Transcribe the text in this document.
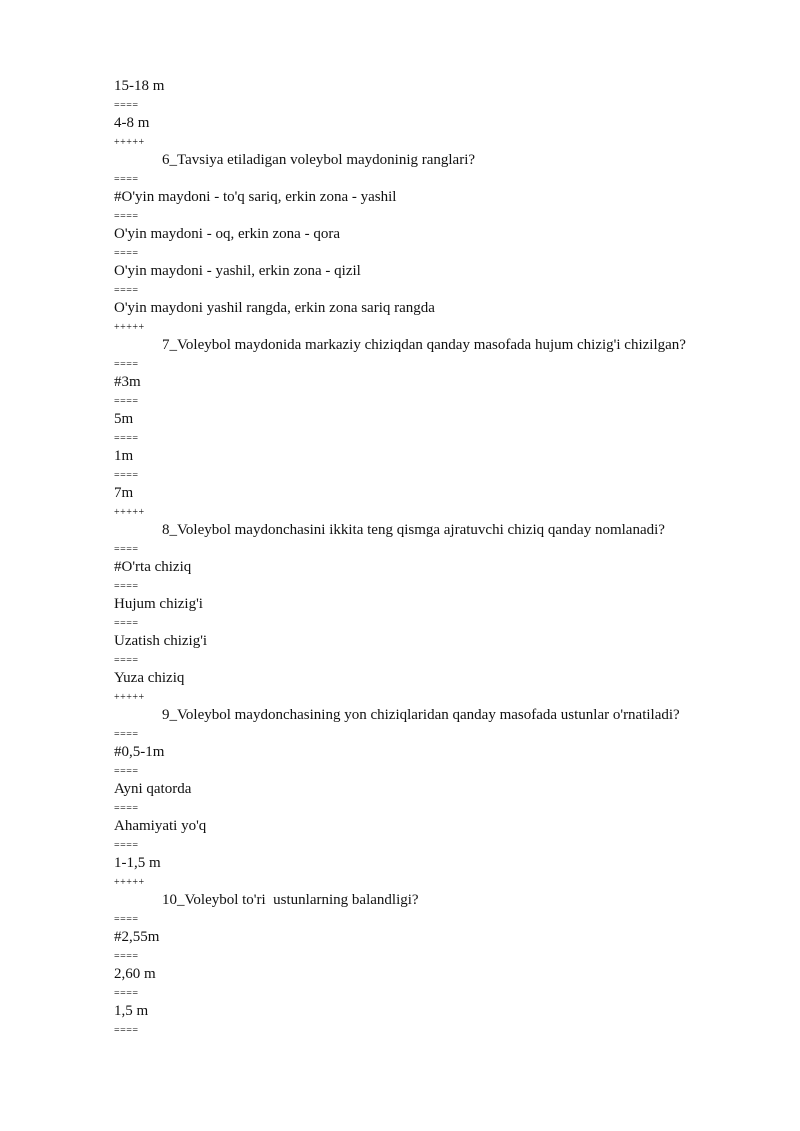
15-18 m
====
4-8 m
+++++
6_Tavsiya etiladigan voleybol maydoninig ranglari?
====
#O'yin maydoni - to'q sariq, erkin zona - yashil
====
O'yin maydoni - oq, erkin zona - qora
====
O'yin maydoni - yashil, erkin zona - qizil
====
O'yin maydoni yashil rangda, erkin zona sariq rangda
+++++
7_Voleybol maydonida markaziy chiziqdan qanday masofada hujum chizig'i chizilgan?
====
#3m
====
5m
====
1m
====
7m
+++++
8_Voleybol maydonchasini ikkita teng qismga ajratuvchi chiziq qanday nomlanadi?
====
#O'rta chiziq
====
Hujum chizig'i
====
Uzatish chizig'i
====
Yuza chiziq
+++++
9_Voleybol maydonchasining yon chiziqlaridan qanday masofada ustunlar o'rnatiladi?
====
#0,5-1m
====
Ayni qatorda
====
Ahamiyati yo'q
====
1-1,5 m
+++++
10_Voleybol to'ri  ustunlarning balandligi?
====
#2,55m
====
2,60 m
====
1,5 m
====
